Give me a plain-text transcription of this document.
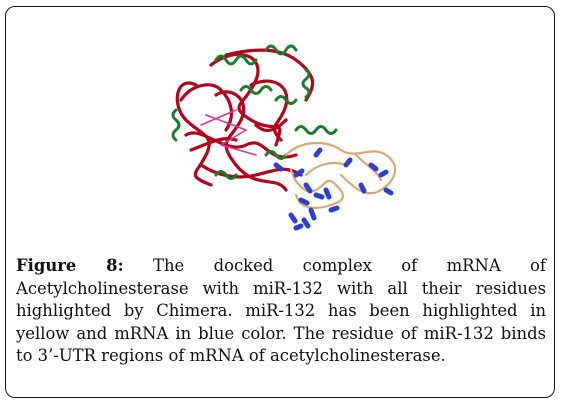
Figure 8: The docked complex of mRNA of Acetylcholinesterase with miR-132 with all their residues highlighted by Chimera. miR-132 has been highlighted in yellow and mRNA in blue color. The residue of miR-132 binds to 3’-UTR regions of mRNA of acetylcholinesterase.
